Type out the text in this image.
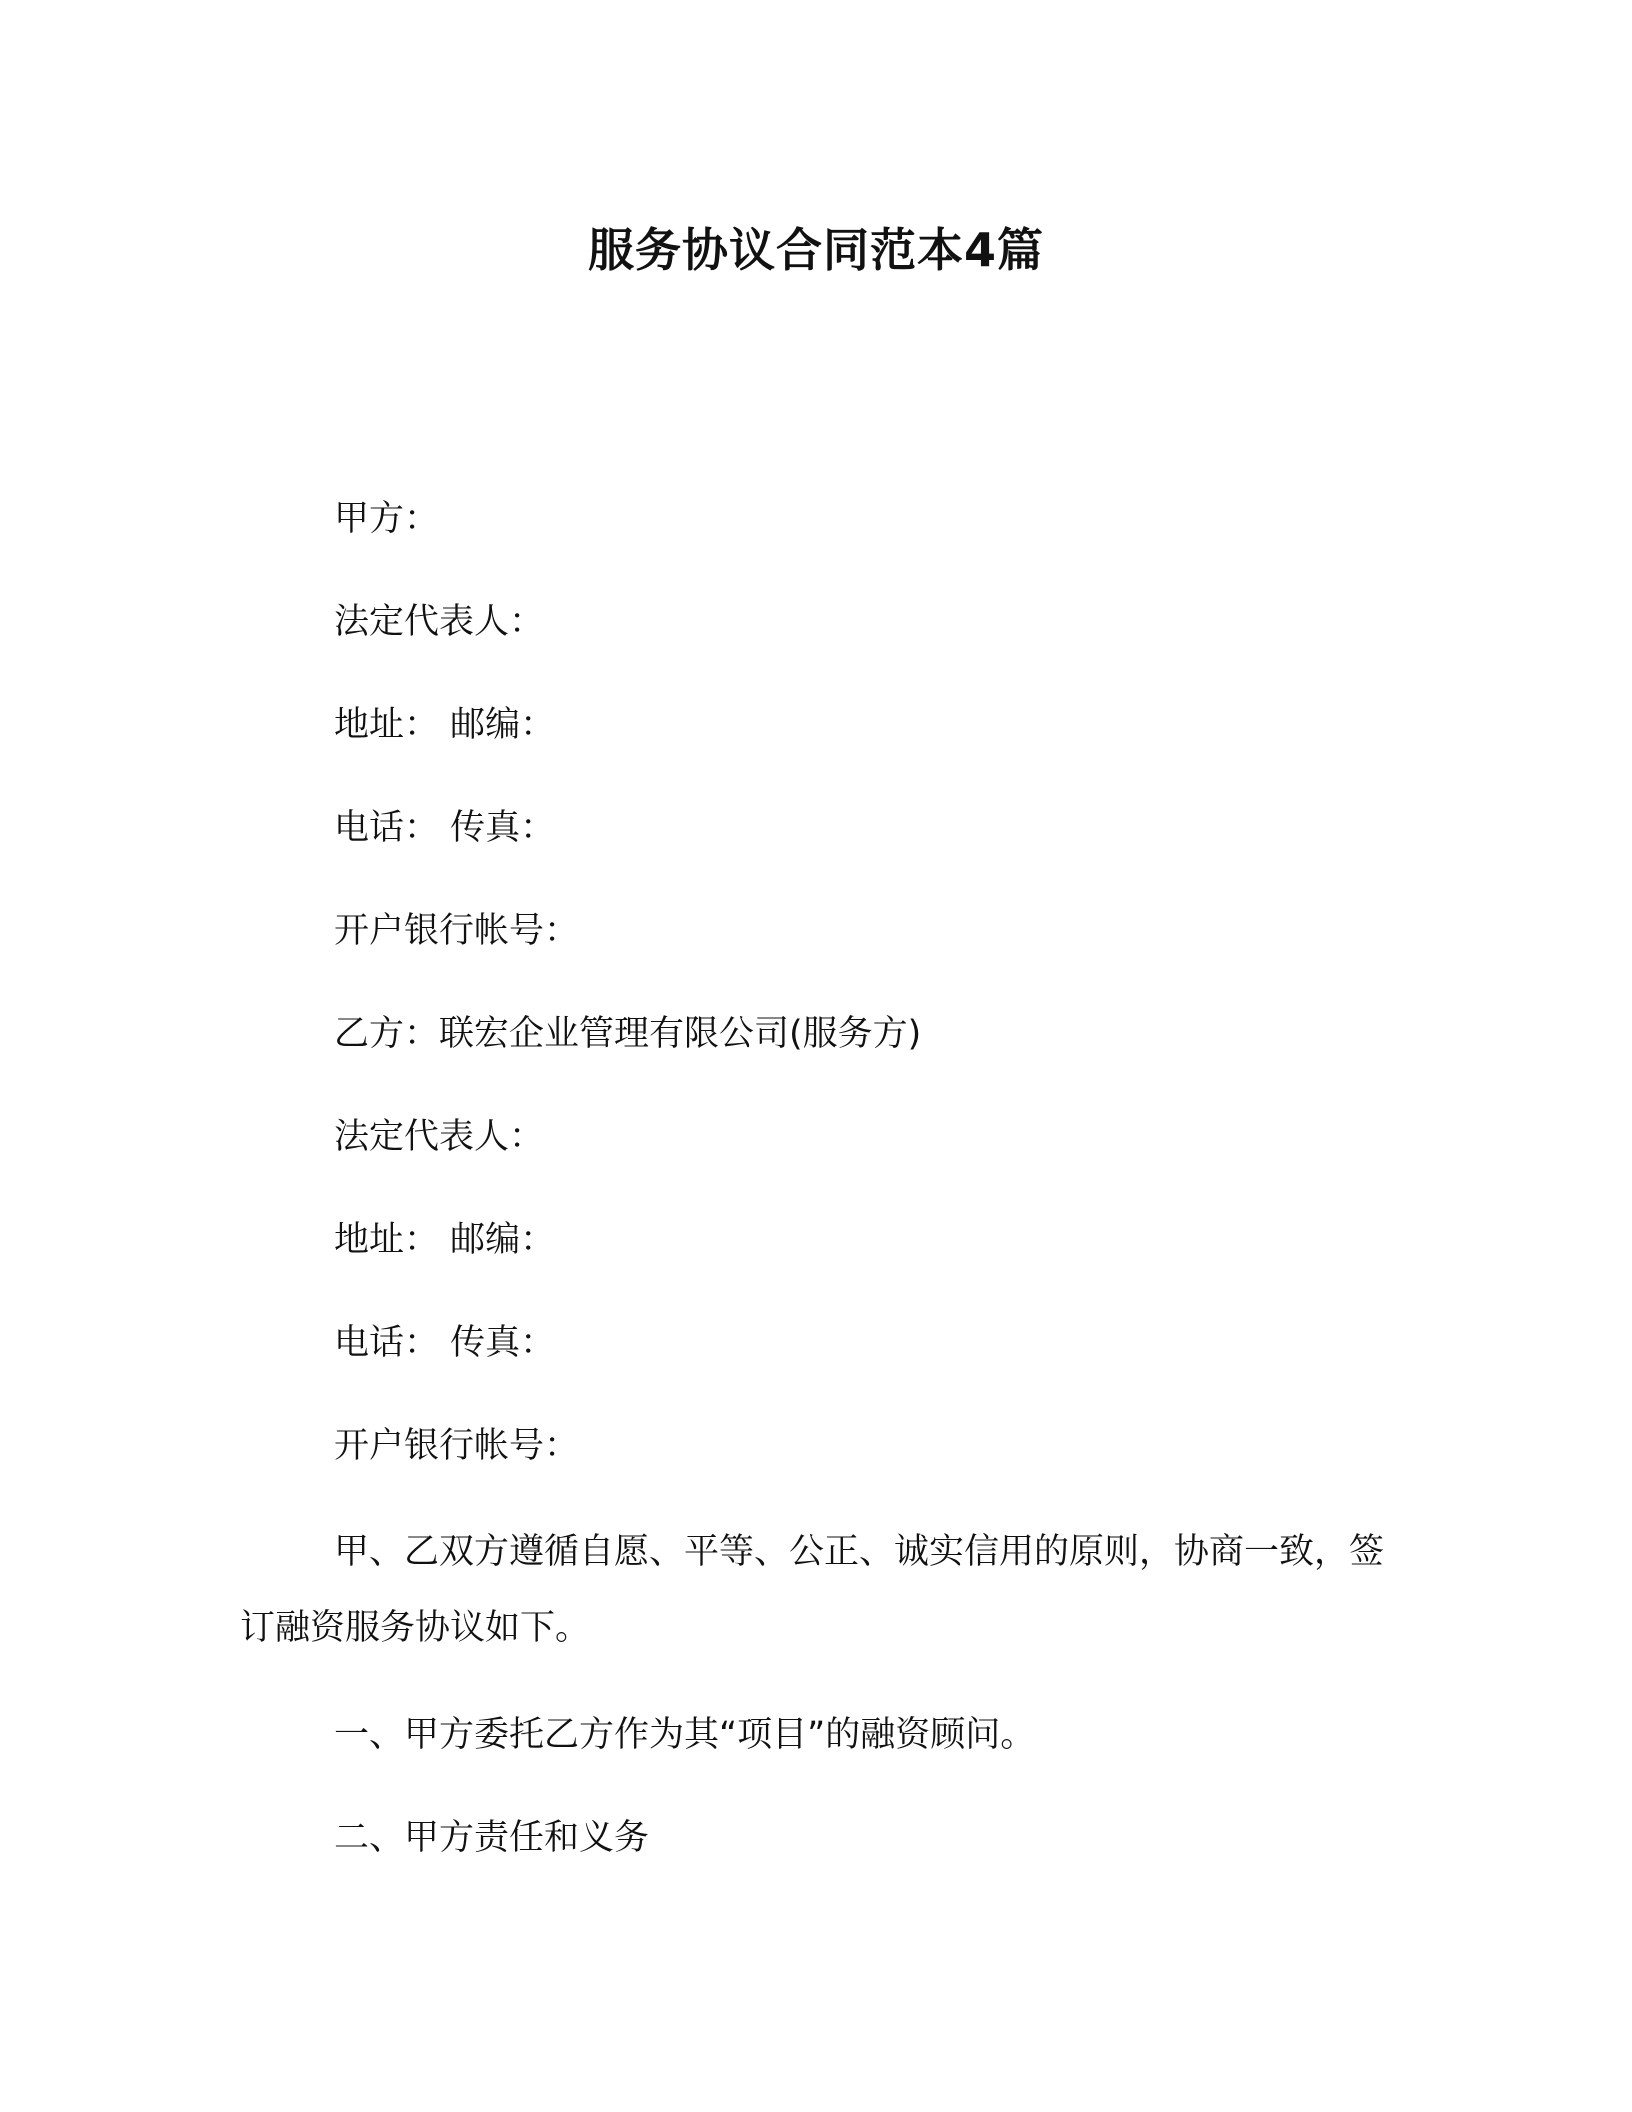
服务协议合同范本4篇
甲方：
法定代表人：
地址： 邮编：
电话： 传真：
开户银行帐号：
乙方：联宏企业管理有限公司(服务方)
法定代表人：
地址： 邮编：
电话： 传真：
开户银行帐号：
甲、乙双方遵循自愿、平等、公正、诚实信用的原则，协商一致，签订融资服务协议如下。
一、甲方委托乙方作为其“项目”的融资顾问。
二、甲方责任和义务
